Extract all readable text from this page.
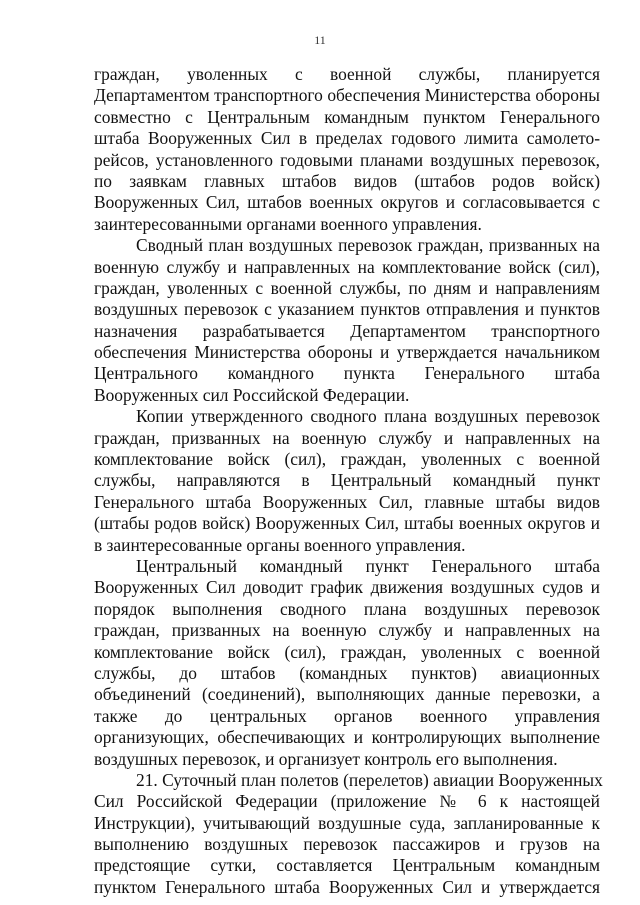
11
граждан, уволенных с военной службы, планируется
Департаментом транспортного обеспечения Министерства обороны
совместно с Центральным командным пунктом Генерального
штаба Вооруженных Сил в пределах годового лимита самолето-
рейсов, установленного годовыми планами воздушных перевозок,
по заявкам главных штабов видов (штабов родов войск)
Вооруженных Сил, штабов военных округов и согласовывается с
заинтересованными органами военного управления.
Сводный план воздушных перевозок граждан, призванных на
военную службу и направленных на комплектование войск (сил),
граждан, уволенных с военной службы, по дням и направлениям
воздушных перевозок с указанием пунктов отправления и пунктов
назначения разрабатывается Департаментом транспортного
обеспечения Министерства обороны и утверждается начальником
Центрального командного пункта Генерального штаба
Вооруженных сил Российской Федерации.
Копии утвержденного сводного плана воздушных перевозок
граждан, призванных на военную службу и направленных на
комплектование войск (сил), граждан, уволенных с военной
службы, направляются в Центральный командный пункт
Генерального штаба Вооруженных Сил, главные штабы видов
(штабы родов войск) Вооруженных Сил, штабы военных округов и
в заинтересованные органы военного управления.
Центральный командный пункт Генерального штаба
Вооруженных Сил доводит график движения воздушных судов и
порядок выполнения сводного плана воздушных перевозок
граждан, призванных на военную службу и направленных на
комплектование войск (сил), граждан, уволенных с военной
службы, до штабов (командных пунктов) авиационных
объединений (соединений), выполняющих данные перевозки, а
также до центральных органов военного управления
организующих, обеспечивающих и контролирующих выполнение
воздушных перевозок, и организует контроль его выполнения.
21. Суточный план полетов (перелетов) авиации Вооруженных
Сил Российской Федерации (приложение № 6 к настоящей
Инструкции), учитывающий воздушные суда, запланированные к
выполнению воздушных перевозок пассажиров и грузов на
предстоящие сутки, составляется Центральным командным
пунктом Генерального штаба Вооруженных Сил и утверждается
